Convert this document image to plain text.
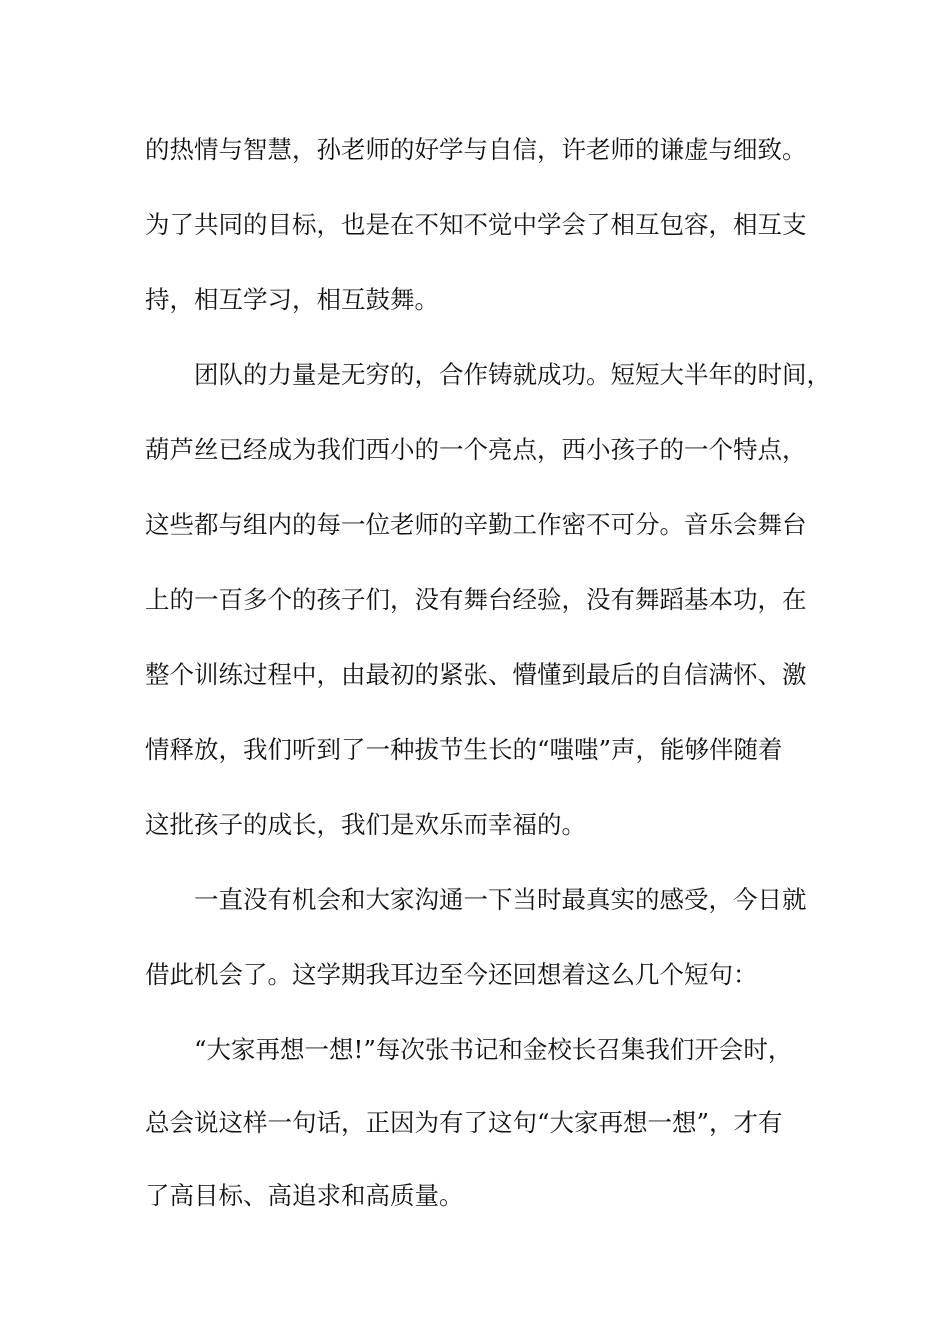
的热情与智慧，孙老师的好学与自信，许老师的谦虚与细致。
为了共同的目标，也是在不知不觉中学会了相互包容，相互支
持，相互学习，相互鼓舞。
　　团队的力量是无穷的，合作铸就成功。短短大半年的时间，
葫芦丝已经成为我们西小的一个亮点，西小孩子的一个特点，
这些都与组内的每一位老师的辛勤工作密不可分。音乐会舞台
上的一百多个的孩子们，没有舞台经验，没有舞蹈基本功，在
整个训练过程中，由最初的紧张、懵懂到最后的自信满怀、激
情释放，我们听到了一种拔节生长的“嗤嗤”声，能够伴随着
这批孩子的成长，我们是欢乐而幸福的。
　　一直没有机会和大家沟通一下当时最真实的感受，今日就
借此机会了。这学期我耳边至今还回想着这么几个短句：
　　“大家再想一想!”每次张书记和金校长召集我们开会时，
总会说这样一句话，正因为有了这句“大家再想一想”，才有
了高目标、高追求和高质量。
